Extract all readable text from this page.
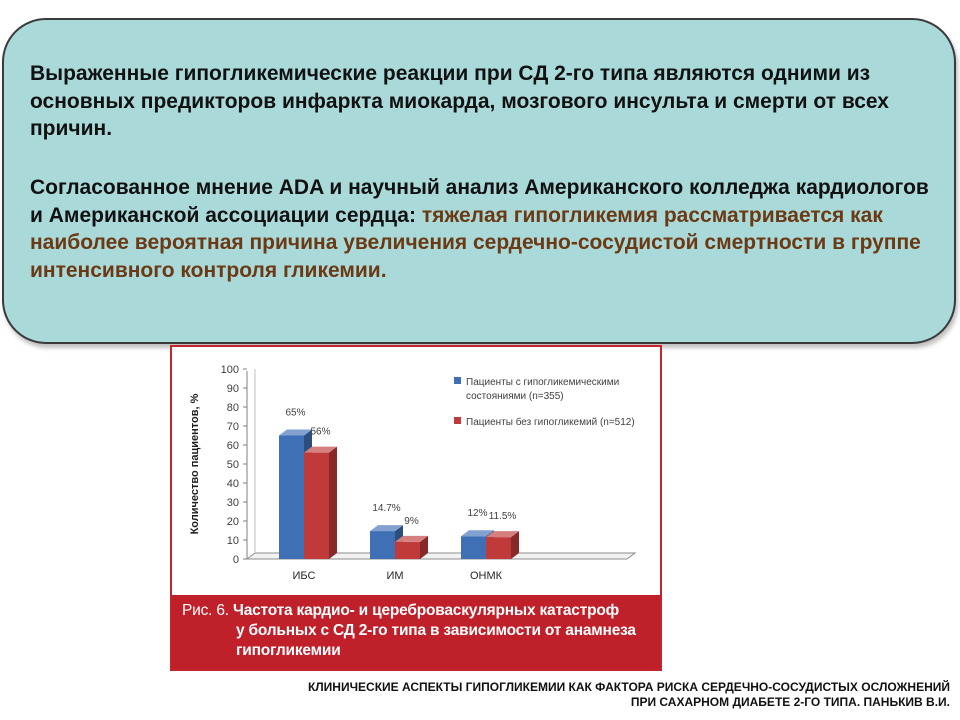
Выраженные гипогликемические реакции при СД 2-го типа являются одними из основных предикторов инфаркта миокарда, мозгового инсульта и смерти от всех причин.

Согласованное мнение ADA и научный анализ Американского колледжа кардиологов и Американской ассоциации сердца: тяжелая гипогликемия рассматривается как наиболее вероятная причина увеличения сердечно-сосудистой смертности в группе интенсивного контроля гликемии.

0
10
20
30
40
50
60
70
80
90
100
Количество пациентов, %
ИБС
65%
56%
ИМ
14.7%
9%
ОНМК
12% 11.5%
Пациенты с гипогликемическими
состояниями (n=355)
Пациенты без гипогликемий (n=512)

Рис. 6. Частота кардио- и цереброваскулярных катастроф

у больных с СД 2-го типа в зависимости от анамнеза

гипогликемии

КЛИНИЧЕСКИЕ АСПЕКТЫ ГИПОГЛИКЕМИИ КАК ФАКТОРА РИСКА СЕРДЕЧНО-СОСУДИСТЫХ ОСЛОЖНЕНИЙ
ПРИ САХАРНОМ ДИАБЕТЕ 2-ГО ТИПА. ПАНЬКИВ В.И.
